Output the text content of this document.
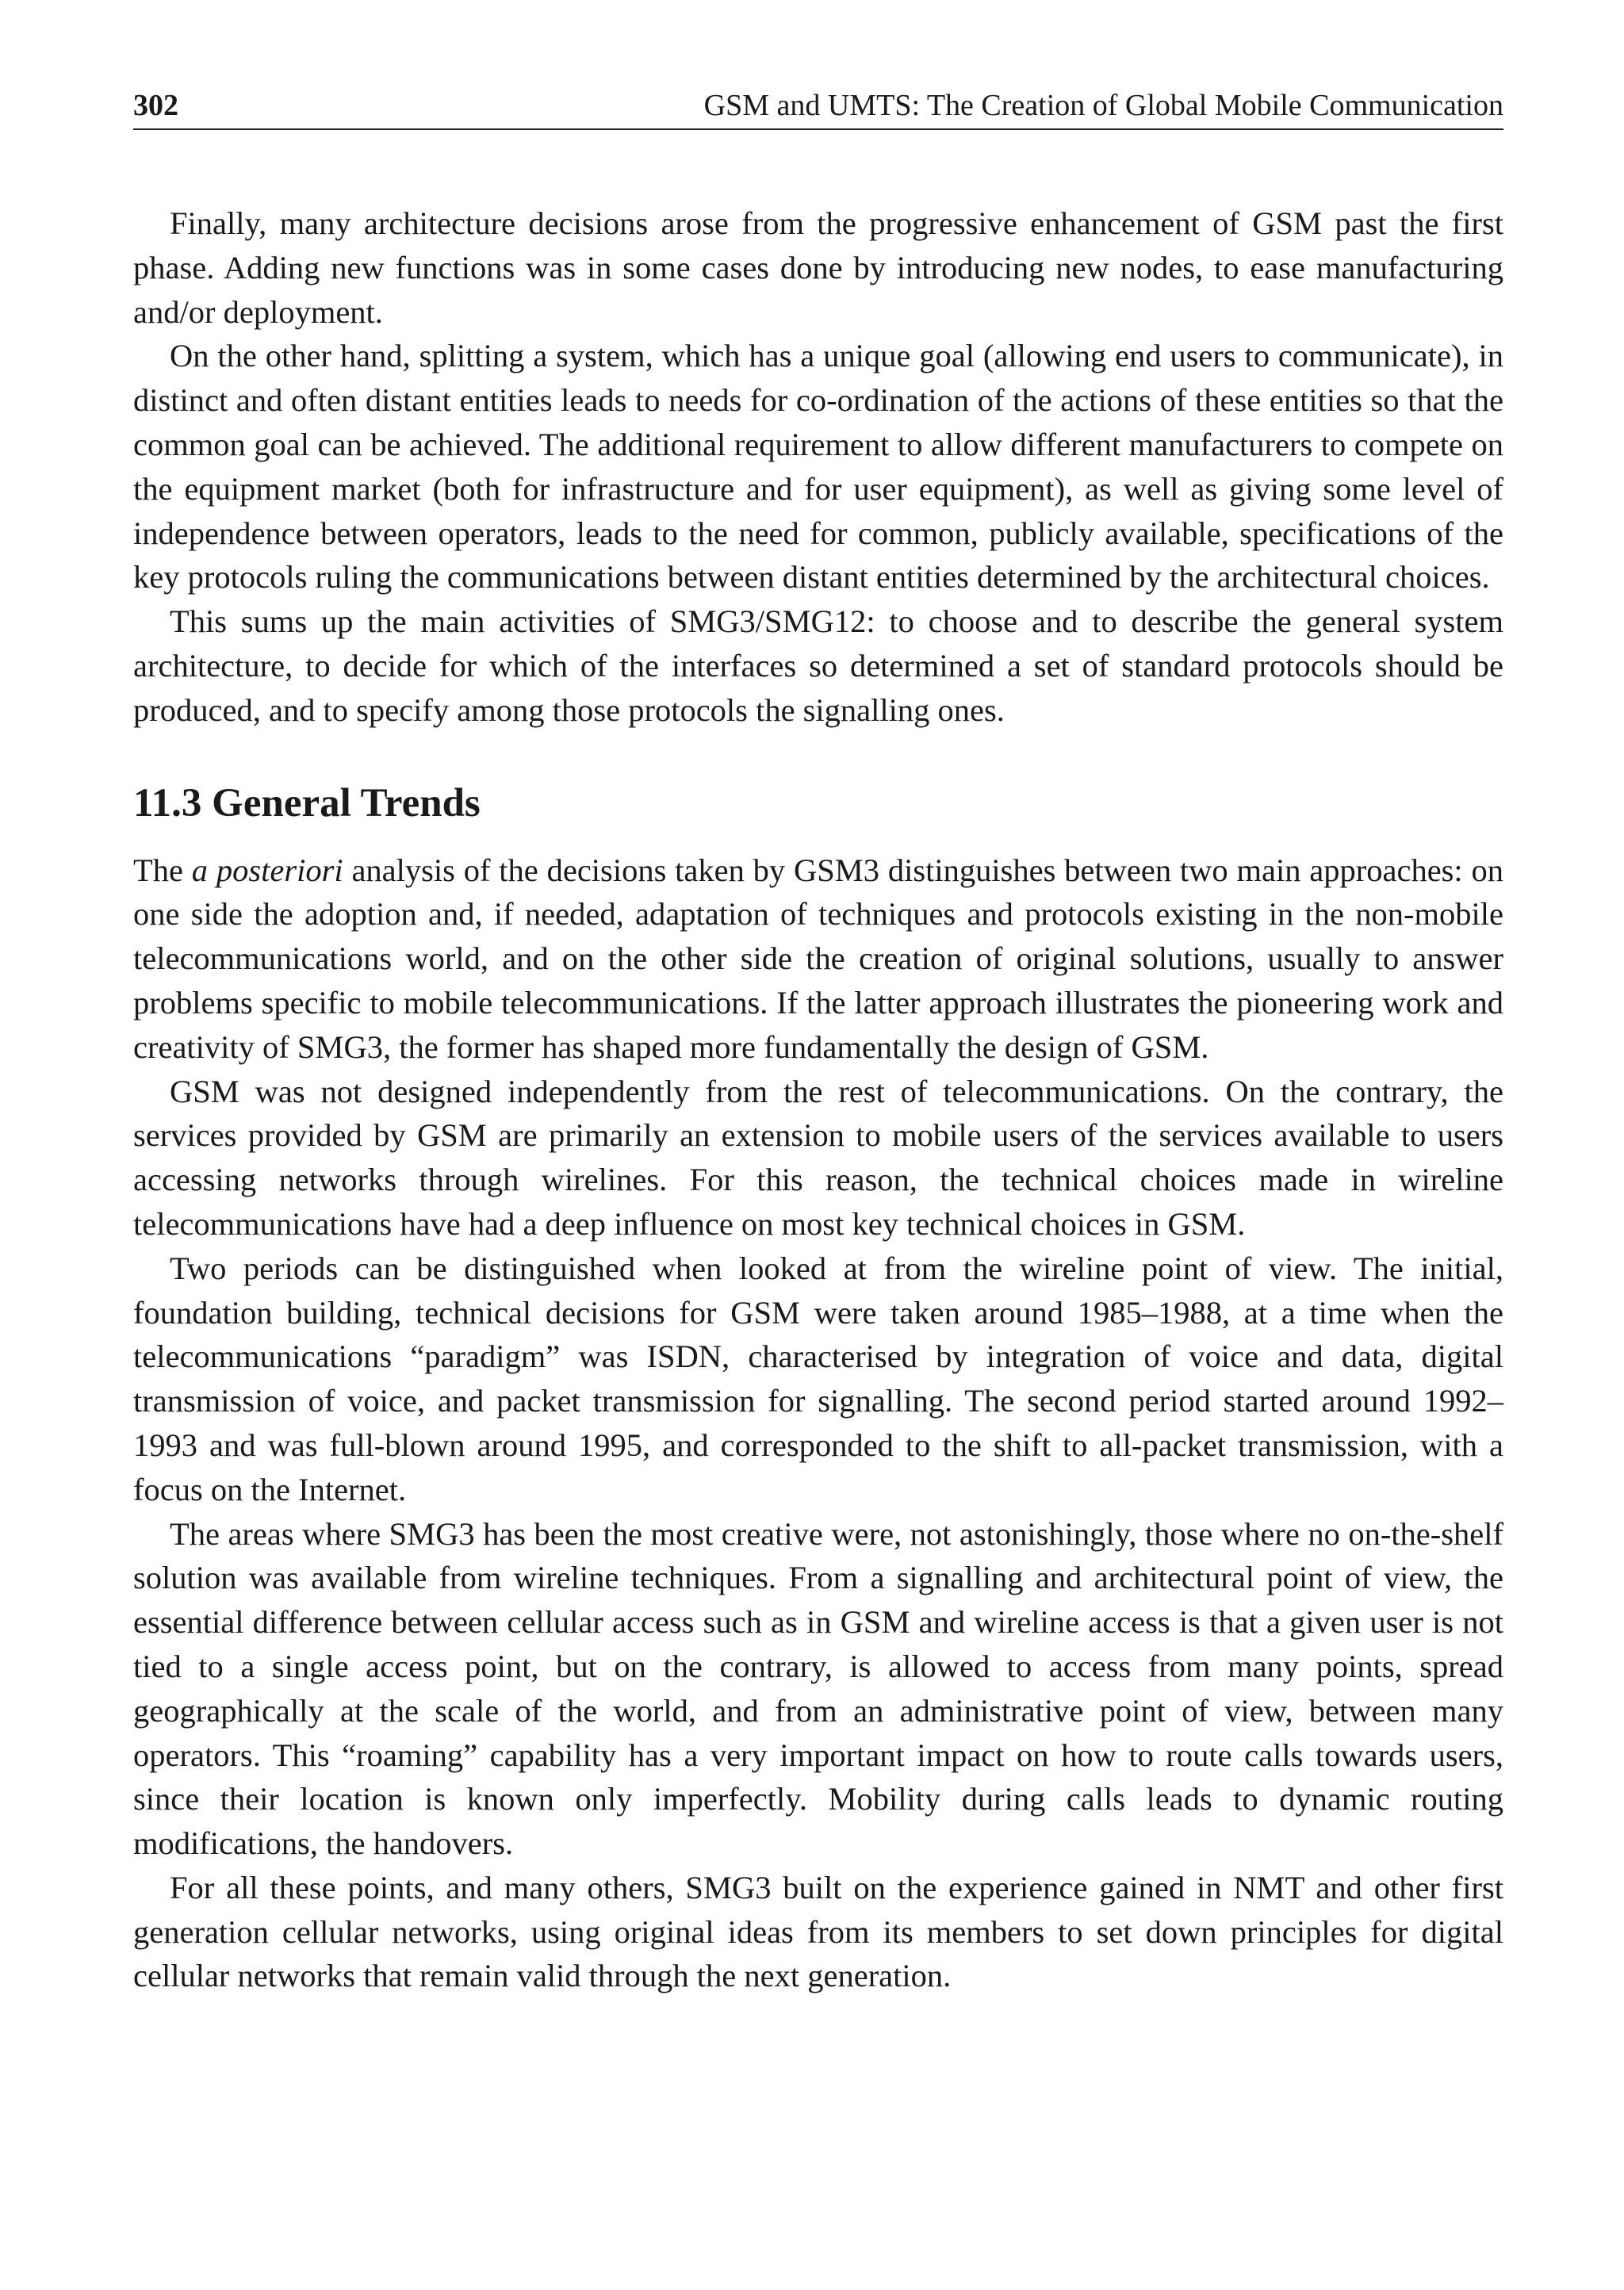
302	GSM and UMTS: The Creation of Global Mobile Communication

Finally, many architecture decisions arose from the progressive enhancement of GSM past the first phase. Adding new functions was in some cases done by introducing new nodes, to ease manufacturing and/or deployment.

On the other hand, splitting a system, which has a unique goal (allowing end users to communicate), in distinct and often distant entities leads to needs for co-ordination of the actions of these entities so that the common goal can be achieved. The additional requirement to allow different manufacturers to compete on the equipment market (both for infrastructure and for user equipment), as well as giving some level of independence between operators, leads to the need for common, publicly available, specifications of the key protocols ruling the communications between distant entities determined by the architectural choices.

This sums up the main activities of SMG3/SMG12: to choose and to describe the general system architecture, to decide for which of the interfaces so determined a set of standard protocols should be produced, and to specify among those protocols the signalling ones.

11.3 General Trends

The a posteriori analysis of the decisions taken by GSM3 distinguishes between two main approaches: on one side the adoption and, if needed, adaptation of techniques and protocols existing in the non-mobile telecommunications world, and on the other side the creation of original solutions, usually to answer problems specific to mobile telecommunications. If the latter approach illustrates the pioneering work and creativity of SMG3, the former has shaped more fundamentally the design of GSM.

GSM was not designed independently from the rest of telecommunications. On the contrary, the services provided by GSM are primarily an extension to mobile users of the services available to users accessing networks through wirelines. For this reason, the technical choices made in wireline telecommunications have had a deep influence on most key technical choices in GSM.

Two periods can be distinguished when looked at from the wireline point of view. The initial, foundation building, technical decisions for GSM were taken around 1985–1988, at a time when the telecommunications “paradigm” was ISDN, characterised by integration of voice and data, digital transmission of voice, and packet transmission for signalling. The second period started around 1992–1993 and was full-blown around 1995, and corresponded to the shift to all-packet transmission, with a focus on the Internet.

The areas where SMG3 has been the most creative were, not astonishingly, those where no on-the-shelf solution was available from wireline techniques. From a signalling and architectural point of view, the essential difference between cellular access such as in GSM and wireline access is that a given user is not tied to a single access point, but on the contrary, is allowed to access from many points, spread geographically at the scale of the world, and from an administrative point of view, between many operators. This “roaming” capability has a very important impact on how to route calls towards users, since their location is known only imperfectly. Mobility during calls leads to dynamic routing modifications, the handovers.

For all these points, and many others, SMG3 built on the experience gained in NMT and other first generation cellular networks, using original ideas from its members to set down principles for digital cellular networks that remain valid through the next generation.
